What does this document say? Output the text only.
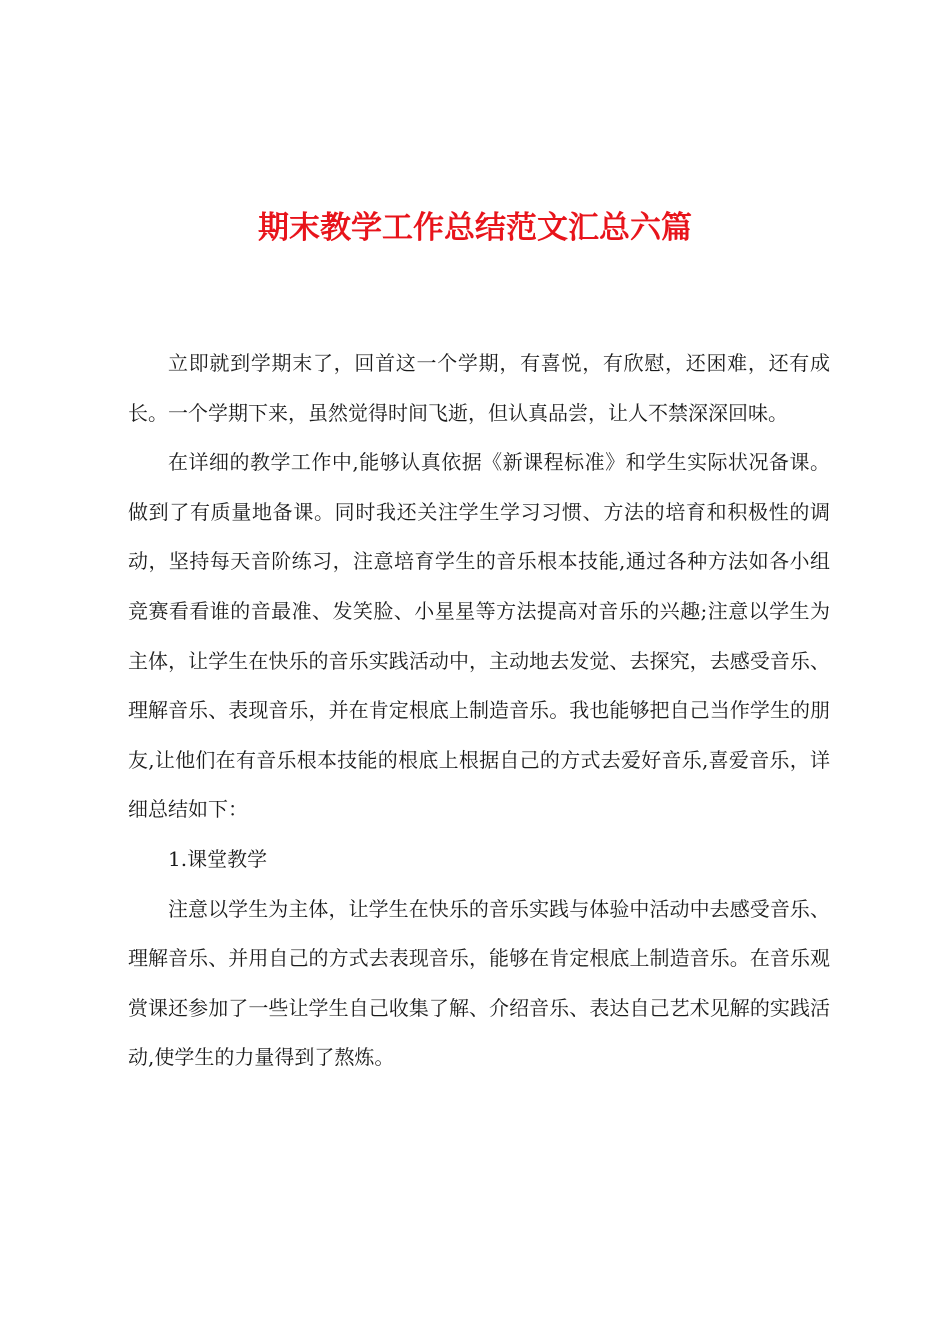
期末教学工作总结范文汇总六篇

立即就到学期末了，回首这一个学期，有喜悦，有欣慰，还困难，还有成长。一个学期下来，虽然觉得时间飞逝，但认真品尝，让人不禁深深回味。

在详细的教学工作中,能够认真依据《新课程标准》和学生实际状况备课。做到了有质量地备课。同时我还关注学生学习习惯、方法的培育和积极性的调动，坚持每天音阶练习，注意培育学生的音乐根本技能,通过各种方法如各小组竞赛看看谁的音最准、发笑脸、小星星等方法提高对音乐的兴趣;注意以学生为主体，让学生在快乐的音乐实践活动中，主动地去发觉、去探究，去感受音乐、理解音乐、表现音乐，并在肯定根底上制造音乐。我也能够把自己当作学生的朋友,让他们在有音乐根本技能的根底上根据自己的方式去爱好音乐,喜爱音乐，详细总结如下：

1.课堂教学

注意以学生为主体，让学生在快乐的音乐实践与体验中活动中去感受音乐、理解音乐、并用自己的方式去表现音乐，能够在肯定根底上制造音乐。在音乐观赏课还参加了一些让学生自己收集了解、介绍音乐、表达自己艺术见解的实践活动,使学生的力量得到了熬炼。
